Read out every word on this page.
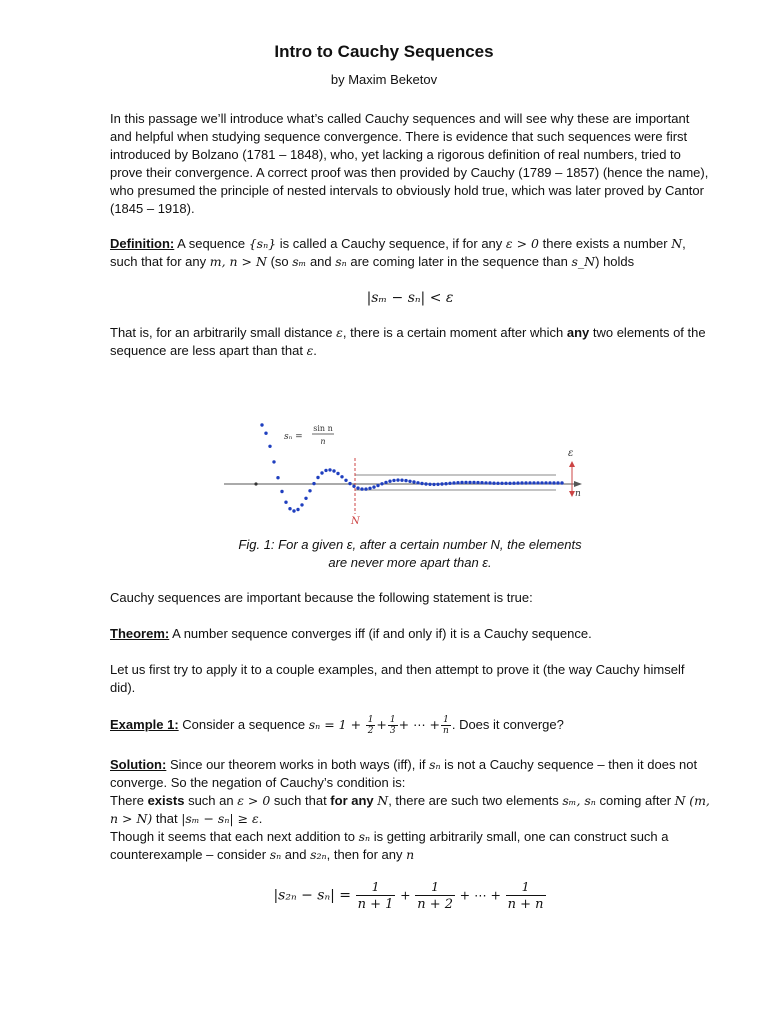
Intro to Cauchy Sequences
by Maxim Beketov
In this passage we’ll introduce what’s called Cauchy sequences and will see why these are important and helpful when studying sequence convergence. There is evidence that such sequences were first introduced by Bolzano (1781 – 1848), who, yet lacking a rigorous definition of real numbers, tried to prove their convergence. A correct proof was then provided by Cauchy (1789 – 1857) (hence the name), who presumed the principle of nested intervals to obviously hold true, which was later proved by Cantor (1845 – 1918).
Definition: A sequence {sₙ} is called a Cauchy sequence, if for any ε > 0 there exists a number N, such that for any m, n > N (so sₘ and sₙ are coming later in the sequence than s_N) holds
|sₘ − sₙ| < ε
That is, for an arbitrarily small distance ε, there is a certain moment after which any two elements of the sequence are less apart than that ε.
sₙ =
sin n
n
N
ε
n
Fig. 1: For a given ε, after a certain number N, the elements
are never more apart than ε.
Cauchy sequences are important because the following statement is true:
Theorem: A number sequence converges iff (if and only if) it is a Cauchy sequence.
Let us first try to apply it to a couple examples, and then attempt to prove it (the way Cauchy himself did).
Example 1: Consider a sequence $s_n = 1 + \frac{1}{2} + \frac{1}{3}$ + ⋯ + $\frac{1}{n}$ . Does it converge?
Solution: Since our theorem works in both ways (iff), if sₙ is not a Cauchy sequence – then it does not converge. So the negation of Cauchy’s condition is:
There exists such an ε > 0 such that for any N, there are such two elements sₘ, sₙ coming after N (m, n > N) that |sₘ − sₙ| ≥ ε.
Though it seems that each next addition to sₙ is getting arbitrarily small, one can construct such a counterexample – consider sₙ and s₂ₙ, then for any n
$|s_{2n} - s_n| = \frac{1}{n + 1} + \frac{1}{n + 2}$ + ⋯ + $\frac{1}{n + n}$
